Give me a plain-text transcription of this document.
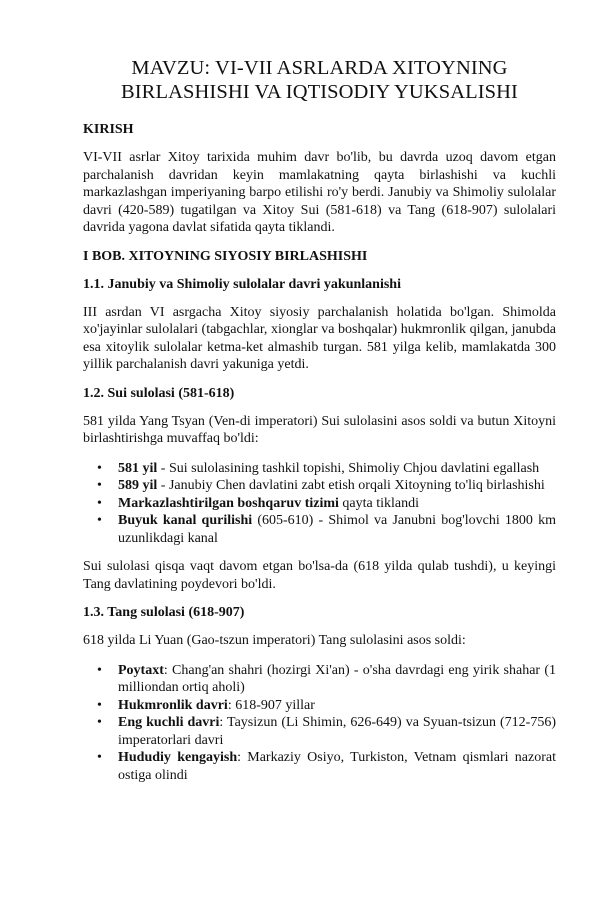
MAVZU: VI-VII ASRLARDA XITOYNING
BIRLASHISHI VA IQTISODIY YUKSALISHI
KIRISH

VI-VII asrlar Xitoy tarixida muhim davr bo'lib, bu davrda uzoq davom etgan parchalanish davridan keyin mamlakatning qayta birlashishi va kuchli markazlashgan imperiyaning barpo etilishi ro'y berdi. Janubiy va Shimoliy sulolalar davri (420-589) tugatilgan va Xitoy Sui (581-618) va Tang (618-907) sulolalari davrida yagona davlat sifatida qayta tiklandi.

I BOB. XITOYNING SIYOSIY BIRLASHISHI
1.1. Janubiy va Shimoliy sulolalar davri yakunlanishi

III asrdan VI asrgacha Xitoy siyosiy parchalanish holatida bo'lgan. Shimolda xo'jayinlar sulolalari (tabgachlar, xionglar va boshqalar) hukmronlik qilgan, janubda esa xitoylik sulolalar ketma-ket almashib turgan. 581 yilga kelib, mamlakatda 300 yillik parchalanish davri yakuniga yetdi.

1.2. Sui sulolasi (581-618)

581 yilda Yang Tsyan (Ven-di imperatori) Sui sulolasini asos soldi va butun Xitoyni birlashtirishga muvaffaq bo'ldi:

• 581 yil - Sui sulolasining tashkil topishi, Shimoliy Chjou davlatini egallash
• 589 yil - Janubiy Chen davlatini zabt etish orqali Xitoyning to'liq birlashishi
• Markazlashtirilgan boshqaruv tizimi qayta tiklandi
• Buyuk kanal qurilishi (605-610) - Shimol va Janubni bog'lovchi 1800 km uzunlikdagi kanal

Sui sulolasi qisqa vaqt davom etgan bo'lsa-da (618 yilda qulab tushdi), u keyingi Tang davlatining poydevori bo'ldi.

1.3. Tang sulolasi (618-907)

618 yilda Li Yuan (Gao-tszun imperatori) Tang sulolasini asos soldi:

• Poytaxt: Chang'an shahri (hozirgi Xi'an) - o'sha davrdagi eng yirik shahar (1 milliondan ortiq aholi)
• Hukmronlik davri: 618-907 yillar
• Eng kuchli davri: Taysizun (Li Shimin, 626-649) va Syuan-tsizun (712-756) imperatorlari davri
• Hududiy kengayish: Markaziy Osiyo, Turkiston, Vetnam qismlari nazorat ostiga olindi
